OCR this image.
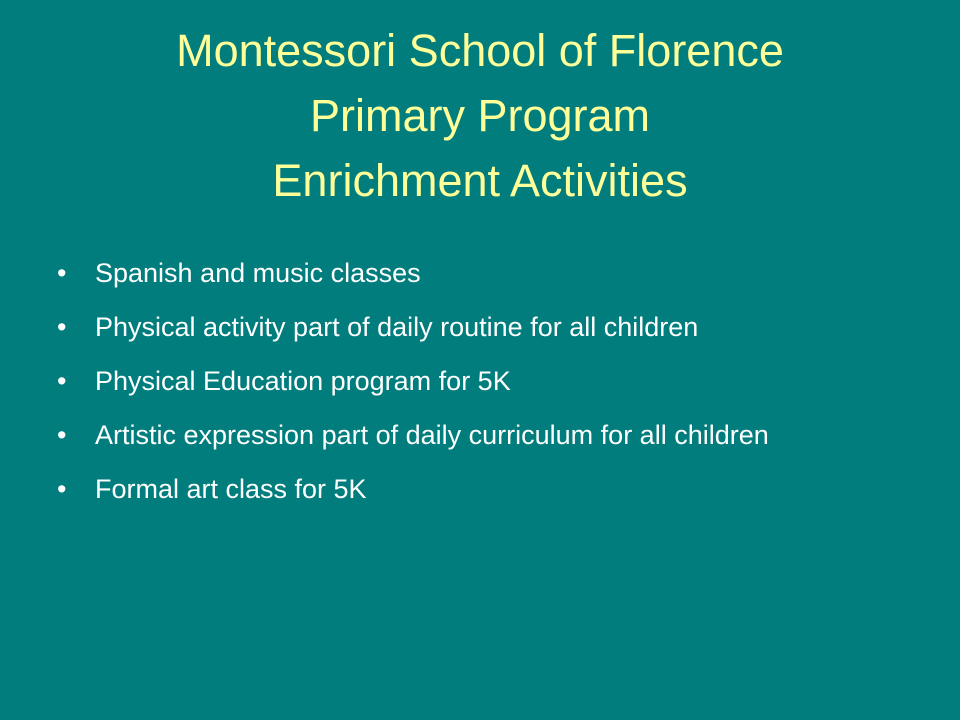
Montessori School of Florence
Primary Program
Enrichment Activities
• Spanish and music classes
• Physical activity part of daily routine for all children
• Physical Education program for 5K
• Artistic expression part of daily curriculum for all children
• Formal art class for 5K
